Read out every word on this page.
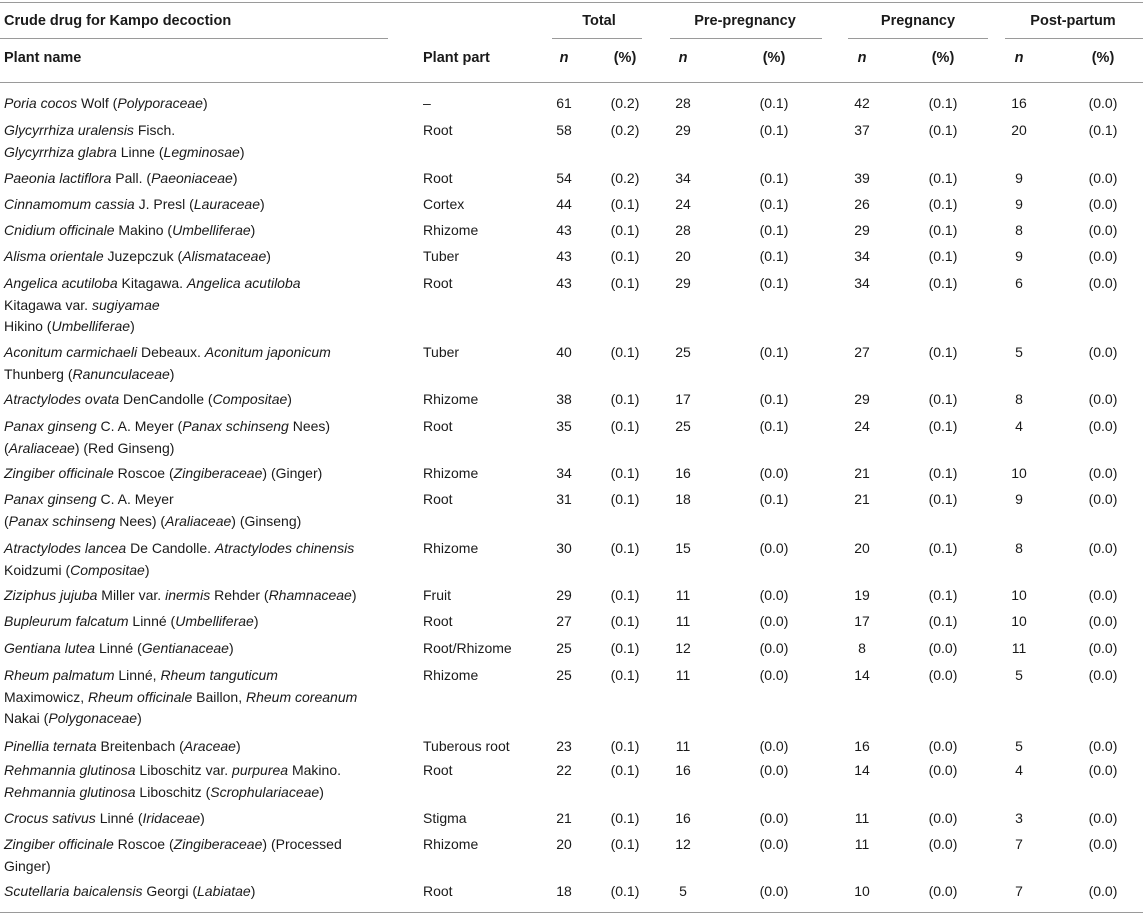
Crude drug for Kampo decoction	Total	Pre-pregnancy	Pregnancy	Post-partum
Plant name	Plant part	n	(%)	n	(%)	n	(%)	n	(%)
Poria cocos Wolf (Polyporaceae)	–	61	(0.2)	28	(0.1)	42	(0.1)	16	(0.0)
Glycyrrhiza uralensis Fisch.
Glycyrrhiza glabra Linne (Legminosae)
Root	58	(0.2)	29	(0.1)	37	(0.1)	20	(0.1)
Paeonia lactiflora Pall. (Paeoniaceae)	Root	54	(0.2)	34	(0.1)	39	(0.1)	9	(0.0)
Cinnamomum cassia J. Presl (Lauraceae)	Cortex	44	(0.1)	24	(0.1)	26	(0.1)	9	(0.0)
Cnidium officinale Makino (Umbelliferae)	Rhizome	43	(0.1)	28	(0.1)	29	(0.1)	8	(0.0)
Alisma orientale Juzepczuk (Alismataceae)	Tuber	43	(0.1)	20	(0.1)	34	(0.1)	9	(0.0)
Angelica acutiloba Kitagawa. Angelica acutiloba
Kitagawa var. sugiyamae
Hikino (Umbelliferae)
Root	43	(0.1)	29	(0.1)	34	(0.1)	6	(0.0)
Aconitum carmichaeli Debeaux. Aconitum japonicum
Thunberg (Ranunculaceae)
Tuber	40	(0.1)	25	(0.1)	27	(0.1)	5	(0.0)
Atractylodes ovata DenCandolle (Compositae)	Rhizome	38	(0.1)	17	(0.1)	29	(0.1)	8	(0.0)
Panax ginseng C. A. Meyer (Panax schinseng Nees)
(Araliaceae) (Red Ginseng)
Root	35	(0.1)	25	(0.1)	24	(0.1)	4	(0.0)
Zingiber officinale Roscoe (Zingiberaceae) (Ginger)	Rhizome	34	(0.1)	16	(0.0)	21	(0.1)	10	(0.0)
Panax ginseng C. A. Meyer
(Panax schinseng Nees) (Araliaceae) (Ginseng)
Root	31	(0.1)	18	(0.1)	21	(0.1)	9	(0.0)
Atractylodes lancea De Candolle. Atractylodes chinensis
Koidzumi (Compositae)
Rhizome	30	(0.1)	15	(0.0)	20	(0.1)	8	(0.0)
Ziziphus jujuba Miller var. inermis Rehder (Rhamnaceae)	Fruit	29	(0.1)	11	(0.0)	19	(0.1)	10	(0.0)
Bupleurum falcatum Linné (Umbelliferae)	Root	27	(0.1)	11	(0.0)	17	(0.1)	10	(0.0)
Gentiana lutea Linné (Gentianaceae)	Root/Rhizome	25	(0.1)	12	(0.0)	8	(0.0)	11	(0.0)
Rheum palmatum Linné, Rheum tanguticum
Maximowicz, Rheum officinale Baillon, Rheum coreanum
Nakai (Polygonaceae)
Rhizome	25	(0.1)	11	(0.0)	14	(0.0)	5	(0.0)
Pinellia ternata Breitenbach (Araceae)	Tuberous root	23	(0.1)	11	(0.0)	16	(0.0)	5	(0.0)
Rehmannia glutinosa Liboschitz var. purpurea Makino.
Rehmannia glutinosa Liboschitz (Scrophulariaceae)
Root	22	(0.1)	16	(0.0)	14	(0.0)	4	(0.0)
Crocus sativus Linné (Iridaceae)	Stigma	21	(0.1)	16	(0.0)	11	(0.0)	3	(0.0)
Zingiber officinale Roscoe (Zingiberaceae) (Processed
Ginger)
Rhizome	20	(0.1)	12	(0.0)	11	(0.0)	7	(0.0)
Scutellaria baicalensis Georgi (Labiatae)	Root	18	(0.1)	5	(0.0)	10	(0.0)	7	(0.0)
